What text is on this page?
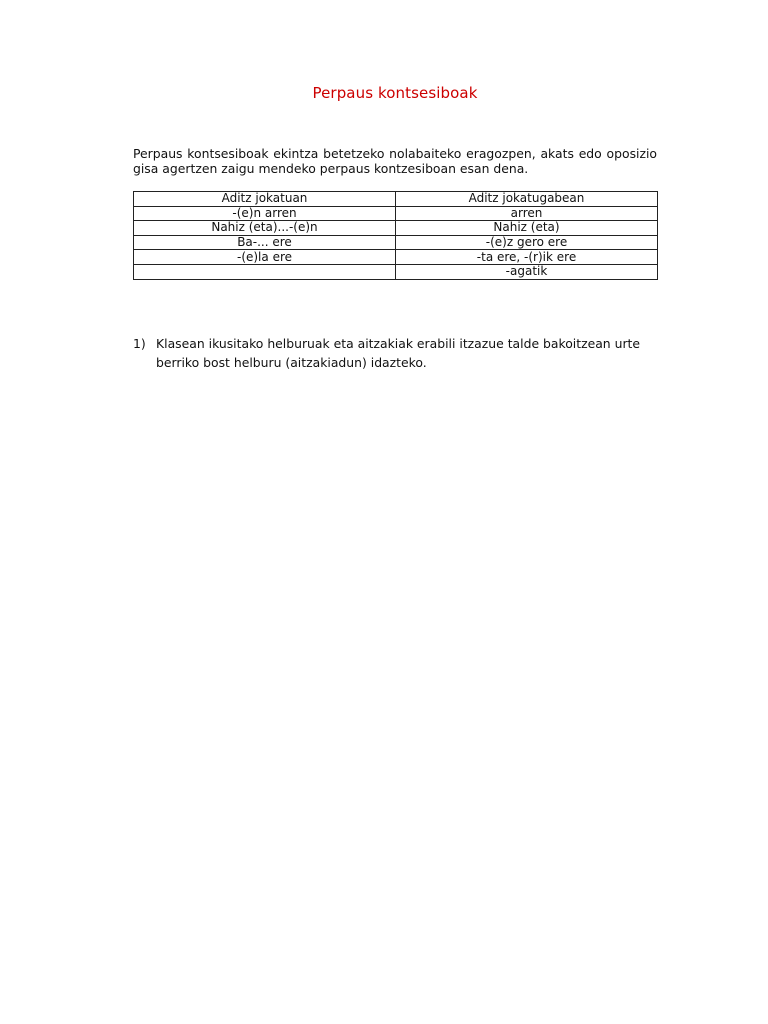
Perpaus kontsesiboak

Perpaus kontsesiboak ekintza betetzeko nolabaiteko eragozpen, akats edo oposizio gisa agertzen zaigu mendeko perpaus kontzesiboan esan dena.

Aditz jokatuan	Aditz jokatugabean
-(e)n arren	arren
Nahiz (eta)...-(e)n	Nahiz (eta)
Ba-... ere	-(e)z gero ere
-(e)la ere	-ta ere, -(r)ik ere
	-agatik
1) Klasean ikusitako helburuak eta aitzakiak erabili itzazue talde bakoitzean urte berriko bost helburu (aitzakiadun) idazteko.
